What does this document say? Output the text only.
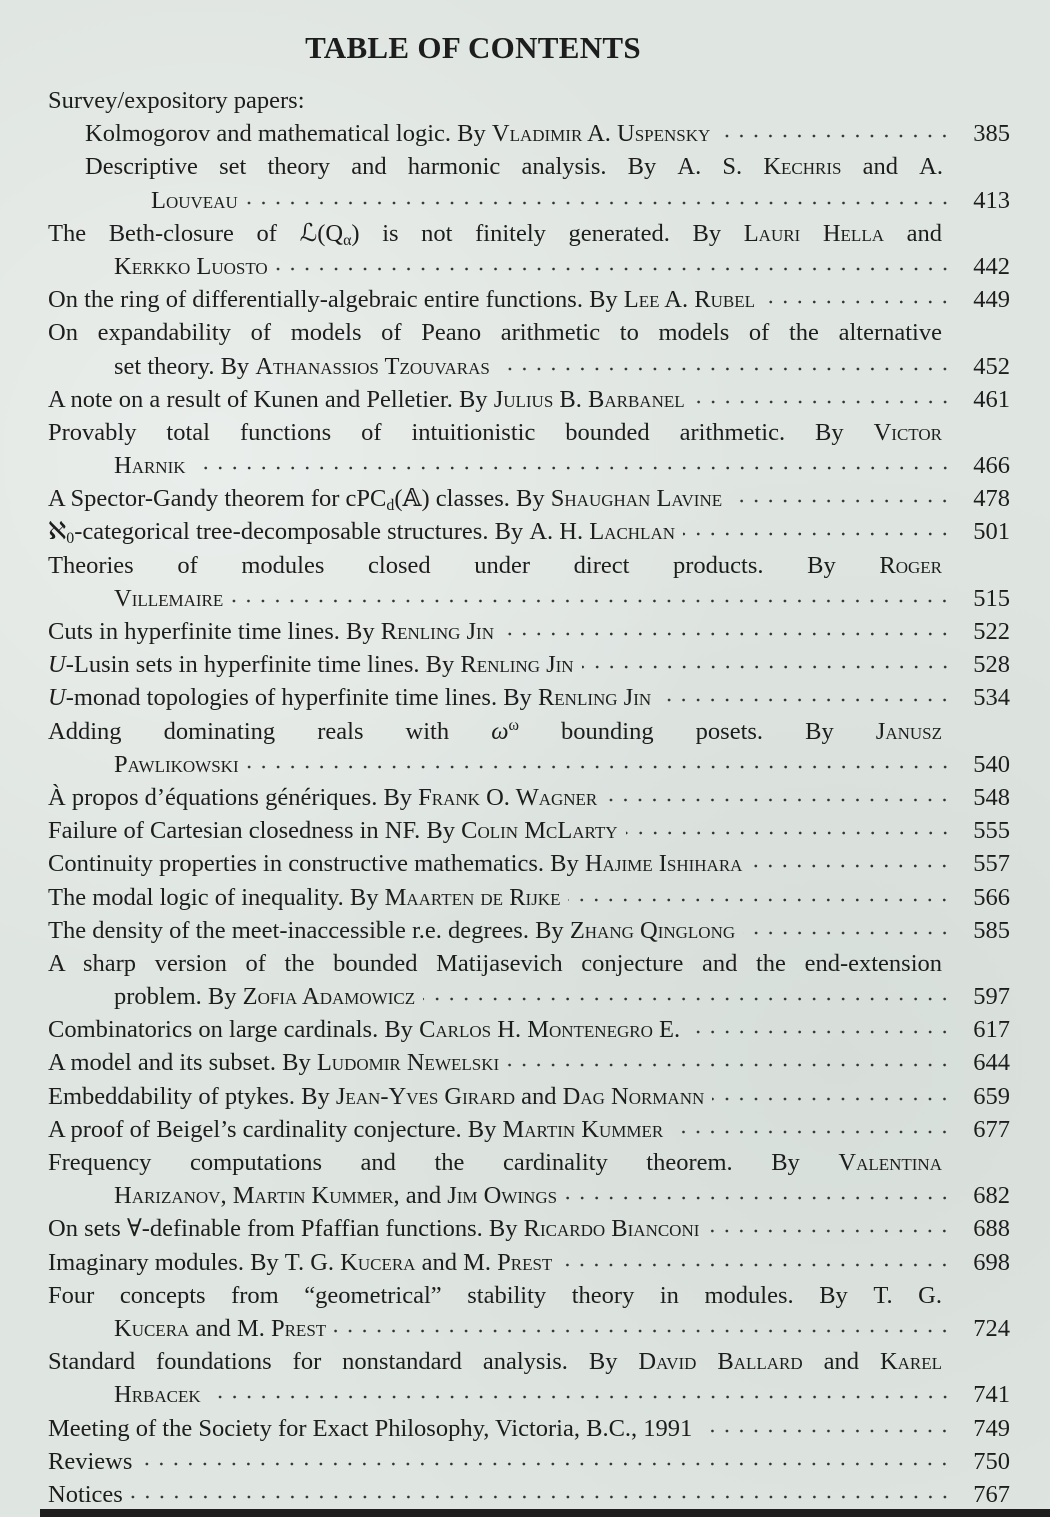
TABLE OF CONTENTS
Survey/expository papers:
Kolmogorov and mathematical logic. By Vladimir A. Uspensky	385
Descriptive set theory and harmonic analysis. By A. S. Kechris and A.
Louveau	413
The Beth-closure of $ℒ(Q_\alpha)$ is not finitely generated. By Lauri Hella and
Kerkko Luosto	442
On the ring of differentially-algebraic entire functions. By Lee A. Rubel	449
On expandability of models of Peano arithmetic to models of the alternative
set theory. By Athanassios Tzouvaras	452
A note on a result of Kunen and Pelletier. By Julius B. Barbanel	461
Provably total functions of intuitionistic bounded arithmetic. By Victor
Harnik	466
A Spector-Gandy theorem for cPC$_d$(𝔸) classes. By Shaughan Lavine	478
ℵ$_0$-categorical tree-decomposable structures. By A. H. Lachlan	501
Theories of modules closed under direct products. By Roger
Villemaire	515
Cuts in hyperfinite time lines. By Renling Jin	522
U-Lusin sets in hyperfinite time lines. By Renling Jin	528
U-monad topologies of hyperfinite time lines. By Renling Jin	534
Adding dominating reals with $\omega^\omega$ bounding posets. By Janusz
Pawlikowski	540
À propos d’équations génériques. By Frank O. Wagner	548
Failure of Cartesian closedness in NF. By Colin McLarty	555
Continuity properties in constructive mathematics. By Hajime Ishihara	557
The modal logic of inequality. By Maarten de Rijke	566
The density of the meet-inaccessible r.e. degrees. By Zhang Qinglong	585
A sharp version of the bounded Matijasevich conjecture and the end-extension
problem. By Zofia Adamowicz	597
Combinatorics on large cardinals. By Carlos H. Montenegro E.	617
A model and its subset. By Ludomir Newelski	644
Embeddability of ptykes. By Jean-Yves Girard and Dag Normann	659
A proof of Beigel’s cardinality conjecture. By Martin Kummer	677
Frequency computations and the cardinality theorem. By Valentina
Harizanov, Martin Kummer, and Jim Owings	682
On sets ∀-definable from Pfaffian functions. By Ricardo Bianconi	688
Imaginary modules. By T. G. Kucera and M. Prest	698
Four concepts from “geometrical” stability theory in modules. By T. G.
Kucera and M. Prest	724
Standard foundations for nonstandard analysis. By David Ballard and Karel
Hrbacek	741
Meeting of the Society for Exact Philosophy, Victoria, B.C., 1991	749
Reviews	750
Notices	767
